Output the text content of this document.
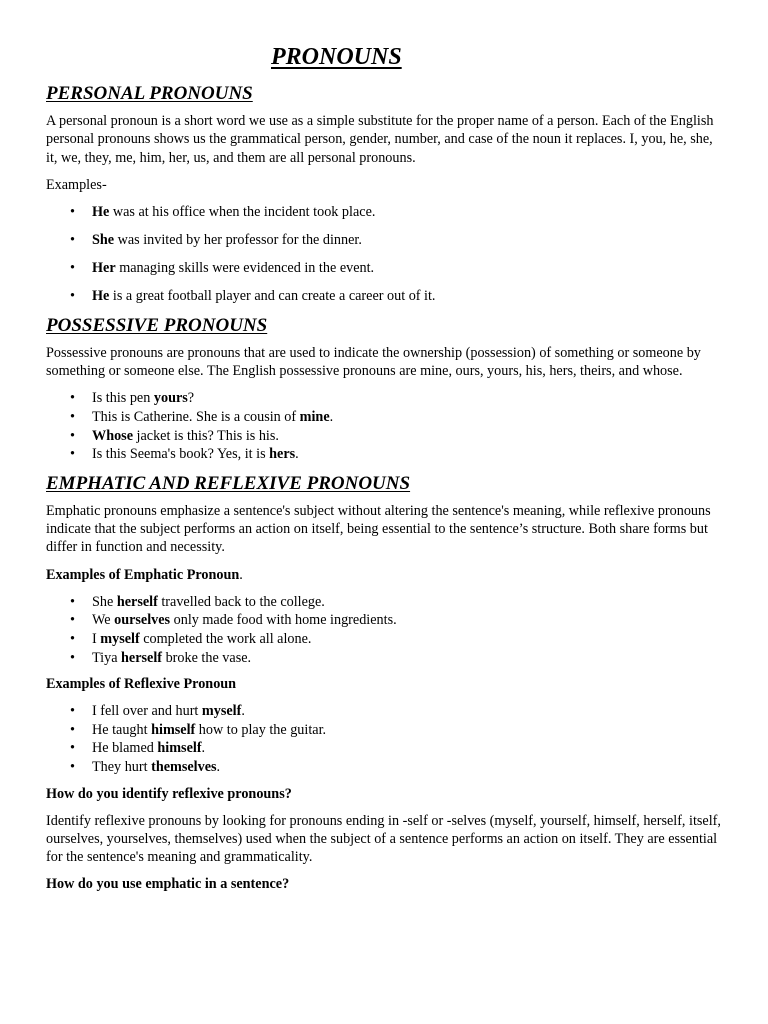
PRONOUNS
PERSONAL PRONOUNS

A personal pronoun is a short word we use as a simple substitute for the proper name of a person. Each of the English personal pronouns shows us the grammatical person, gender, number, and case of the noun it replaces. I, you, he, she, it, we, they, me, him, her, us, and them are all personal pronouns.

Examples-

• He was at his office when the incident took place.
• She was invited by her professor for the dinner.
• Her managing skills were evidenced in the event.
• He is a great football player and can create a career out of it.
POSSESSIVE PRONOUNS

Possessive pronouns are pronouns that are used to indicate the ownership (possession) of something or someone by something or someone else. The English possessive pronouns are mine, ours, yours, his, hers, theirs, and whose.

• Is this pen yours?
• This is Catherine. She is a cousin of mine.
• Whose jacket is this? This is his.
• Is this Seema's book? Yes, it is hers.
EMPHATIC AND REFLEXIVE PRONOUNS

Emphatic pronouns emphasize a sentence's subject without altering the sentence's meaning, while reflexive pronouns indicate that the subject performs an action on itself, being essential to the sentence’s structure. Both share forms but differ in function and necessity.

Examples of Emphatic Pronoun.

• She herself travelled back to the college.
• We ourselves only made food with home ingredients.
• I myself completed the work all alone.
• Tiya herself broke the vase.

Examples of Reflexive Pronoun

• I fell over and hurt myself.
• He taught himself how to play the guitar.
• He blamed himself.
• They hurt themselves.

How do you identify reflexive pronouns?

Identify reflexive pronouns by looking for pronouns ending in -self or -selves (myself, yourself, himself, herself, itself, ourselves, yourselves, themselves) used when the subject of a sentence performs an action on itself. They are essential for the sentence's meaning and grammaticality.

How do you use emphatic in a sentence?
